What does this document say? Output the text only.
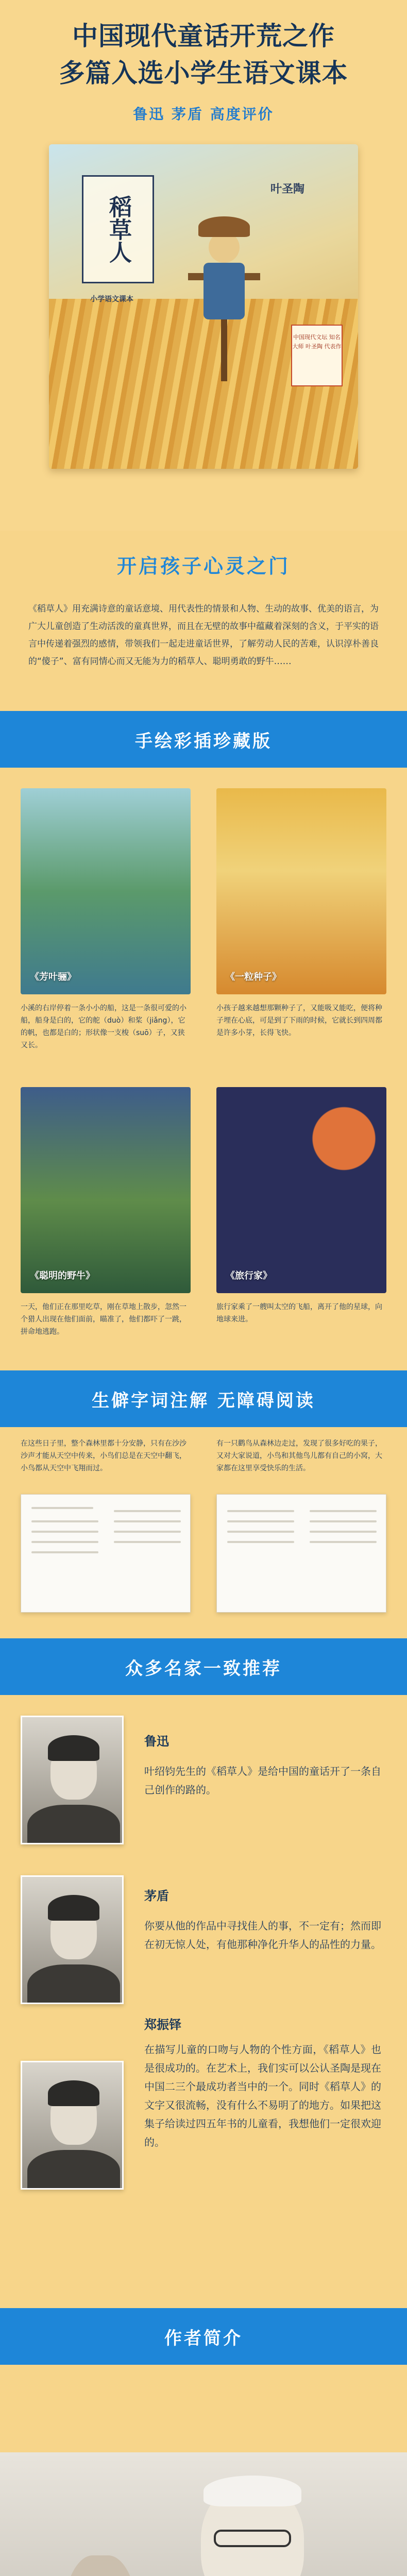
中国现代童话开荒之作
多篇入选小学生语文课本
鲁迅 茅盾 高度评价
稻草人
叶圣陶
小学语文课本
中国现代文坛 知名大师 叶圣陶 代表作
开启孩子心灵之门
《稻草人》用充满诗意的童话意境、用代表性的情景和人物、生动的故事、优美的语言，为广大儿童创造了生动活泼的童真世界，而且在无壁的故事中蕴藏着深刻的含义，于平实的语言中传递着强烈的感情，带领我们一起走进童话世界，了解劳动人民的苦难，认识淳朴善良的“傻子”、富有同情心而又无能为力的稻草人、聪明勇敢的野牛……
手绘彩插珍藏版
《芳叶骊》	《一粒种子》
小溪的右岸停着一条小小的船，这是一条很可爱的小船，船身是白的，它的舵（duò）和桨（jiǎng），它的帆，也都是白的；形状像一支梭（suō）子，又狭又长。
小孩子越来越想那颗种子了，又能吸又能吃，便将种子埋在心底，可是到了下雨的时候，它就长到四周都是许多小芽，长得飞快。
《聪明的野牛》	《旅行家》
一天，他们正在那里吃草，刚在草地上散步，忽然一个猎人出现在他们面前，瞄准了，他们都吓了一跳，拼命地逃跑。
旅行家乘了一艘叫太空的飞船，离开了他的星球，向地球来进。
生僻字词注解 无障碍阅读
在这些日子里，整个森林里都十分安静，只有在沙沙沙声才能从天空中传来，小鸟们总是在天空中翻飞，小鸟都从天空中飞翔而过。
有一只鹳鸟从森林边走过，发现了很多好吃的果子，又对大家说道，小鸟和其他鸟儿都有自己的小窝，大家都在这里享受快乐的生活。
众多名家一致推荐
鲁迅
叶绍钧先生的《稻草人》是给中国的童话开了一条自己创作的路的。
茅盾
你要从他的作品中寻找佳人的事，不一定有；然而即在初无惊人处，有他那种净化升华人的品性的力量。
郑振铎
在描写儿童的口吻与人物的个性方面，《稻草人》也是很成功的。在艺术上，我们实可以公认圣陶是现在中国二三个最成功者当中的一个。同时《稻草人》的文字又很流畅，没有什么不易明了的地方。如果把这集子给读过四五年书的儿童看，我想他们一定很欢迎的。
作者简介
